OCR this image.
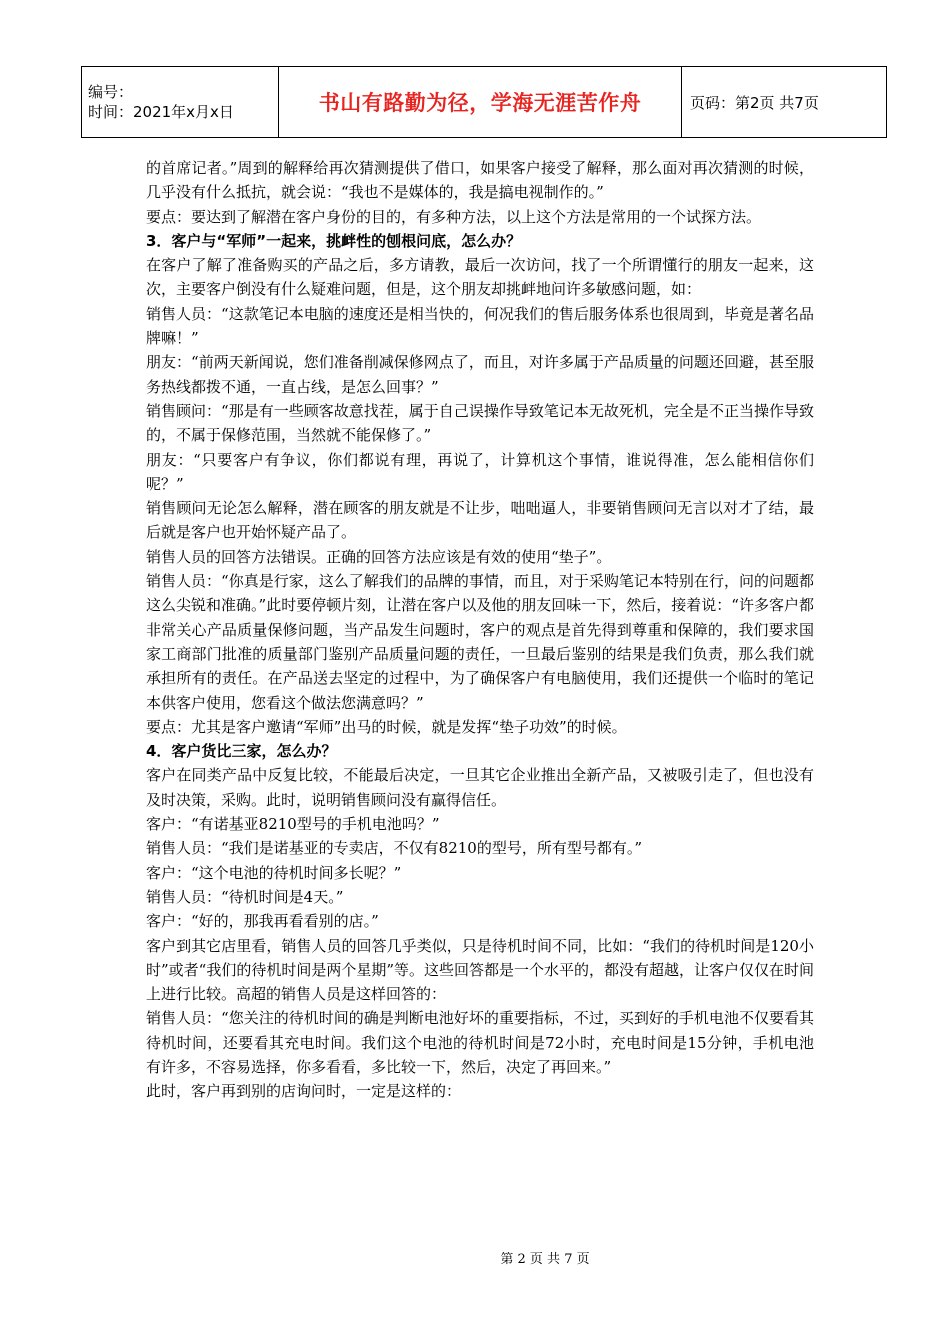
编号：
时间：2021年x月x日	书山有路勤为径，学海无涯苦作舟	页码：第2页 共7页

的首席记者。”周到的解释给再次猜测提供了借口，如果客户接受了解释，那么面对再次猜测的时候，几乎没有什么抵抗，就会说：“我也不是媒体的，我是搞电视制作的。”

要点：要达到了解潜在客户身份的目的，有多种方法，以上这个方法是常用的一个试探方法。

3．客户与“军师”一起来，挑衅性的刨根问底，怎么办？

在客户了解了准备购买的产品之后，多方请教，最后一次访问，找了一个所谓懂行的朋友一起来，这次，主要客户倒没有什么疑难问题，但是，这个朋友却挑衅地问许多敏感问题，如：

销售人员：“这款笔记本电脑的速度还是相当快的，何况我们的售后服务体系也很周到，毕竟是著名品牌嘛！”

朋友：“前两天新闻说，您们准备削减保修网点了，而且，对许多属于产品质量的问题还回避，甚至服务热线都拨不通，一直占线，是怎么回事？”

销售顾问：“那是有一些顾客故意找茬，属于自己误操作导致笔记本无故死机，完全是不正当操作导致的，不属于保修范围，当然就不能保修了。”

朋友：“只要客户有争议，你们都说有理，再说了，计算机这个事情，谁说得准，怎么能相信你们呢？”

销售顾问无论怎么解释，潜在顾客的朋友就是不让步，咄咄逼人，非要销售顾问无言以对才了结，最后就是客户也开始怀疑产品了。

销售人员的回答方法错误。正确的回答方法应该是有效的使用“垫子”。

销售人员：“你真是行家，这么了解我们的品牌的事情，而且，对于采购笔记本特别在行，问的问题都这么尖锐和准确。”此时要停顿片刻，让潜在客户以及他的朋友回味一下，然后，接着说：“许多客户都非常关心产品质量保修问题，当产品发生问题时，客户的观点是首先得到尊重和保障的，我们要求国家工商部门批准的质量部门鉴别产品质量问题的责任，一旦最后鉴别的结果是我们负责，那么我们就承担所有的责任。在产品送去坚定的过程中，为了确保客户有电脑使用，我们还提供一个临时的笔记本供客户使用，您看这个做法您满意吗？”

要点：尤其是客户邀请“军师”出马的时候，就是发挥“垫子功效”的时候。

4．客户货比三家，怎么办？

客户在同类产品中反复比较，不能最后决定，一旦其它企业推出全新产品，又被吸引走了，但也没有及时决策，采购。此时，说明销售顾问没有赢得信任。

客户：“有诺基亚8210型号的手机电池吗？”

销售人员：“我们是诺基亚的专卖店，不仅有8210的型号，所有型号都有。”

客户：“这个电池的待机时间多长呢？”

销售人员：“待机时间是4天。”

客户：“好的，那我再看看别的店。”

客户到其它店里看，销售人员的回答几乎类似，只是待机时间不同，比如：“我们的待机时间是120小时”或者“我们的待机时间是两个星期”等。这些回答都是一个水平的，都没有超越，让客户仅仅在时间上进行比较。高超的销售人员是这样回答的：

销售人员：“您关注的待机时间的确是判断电池好坏的重要指标，不过，买到好的手机电池不仅要看其待机时间，还要看其充电时间。我们这个电池的待机时间是72小时，充电时间是15分钟，手机电池有许多，不容易选择，你多看看，多比较一下，然后，决定了再回来。”

此时，客户再到别的店询问时，一定是这样的：

第 2 页 共 7 页
